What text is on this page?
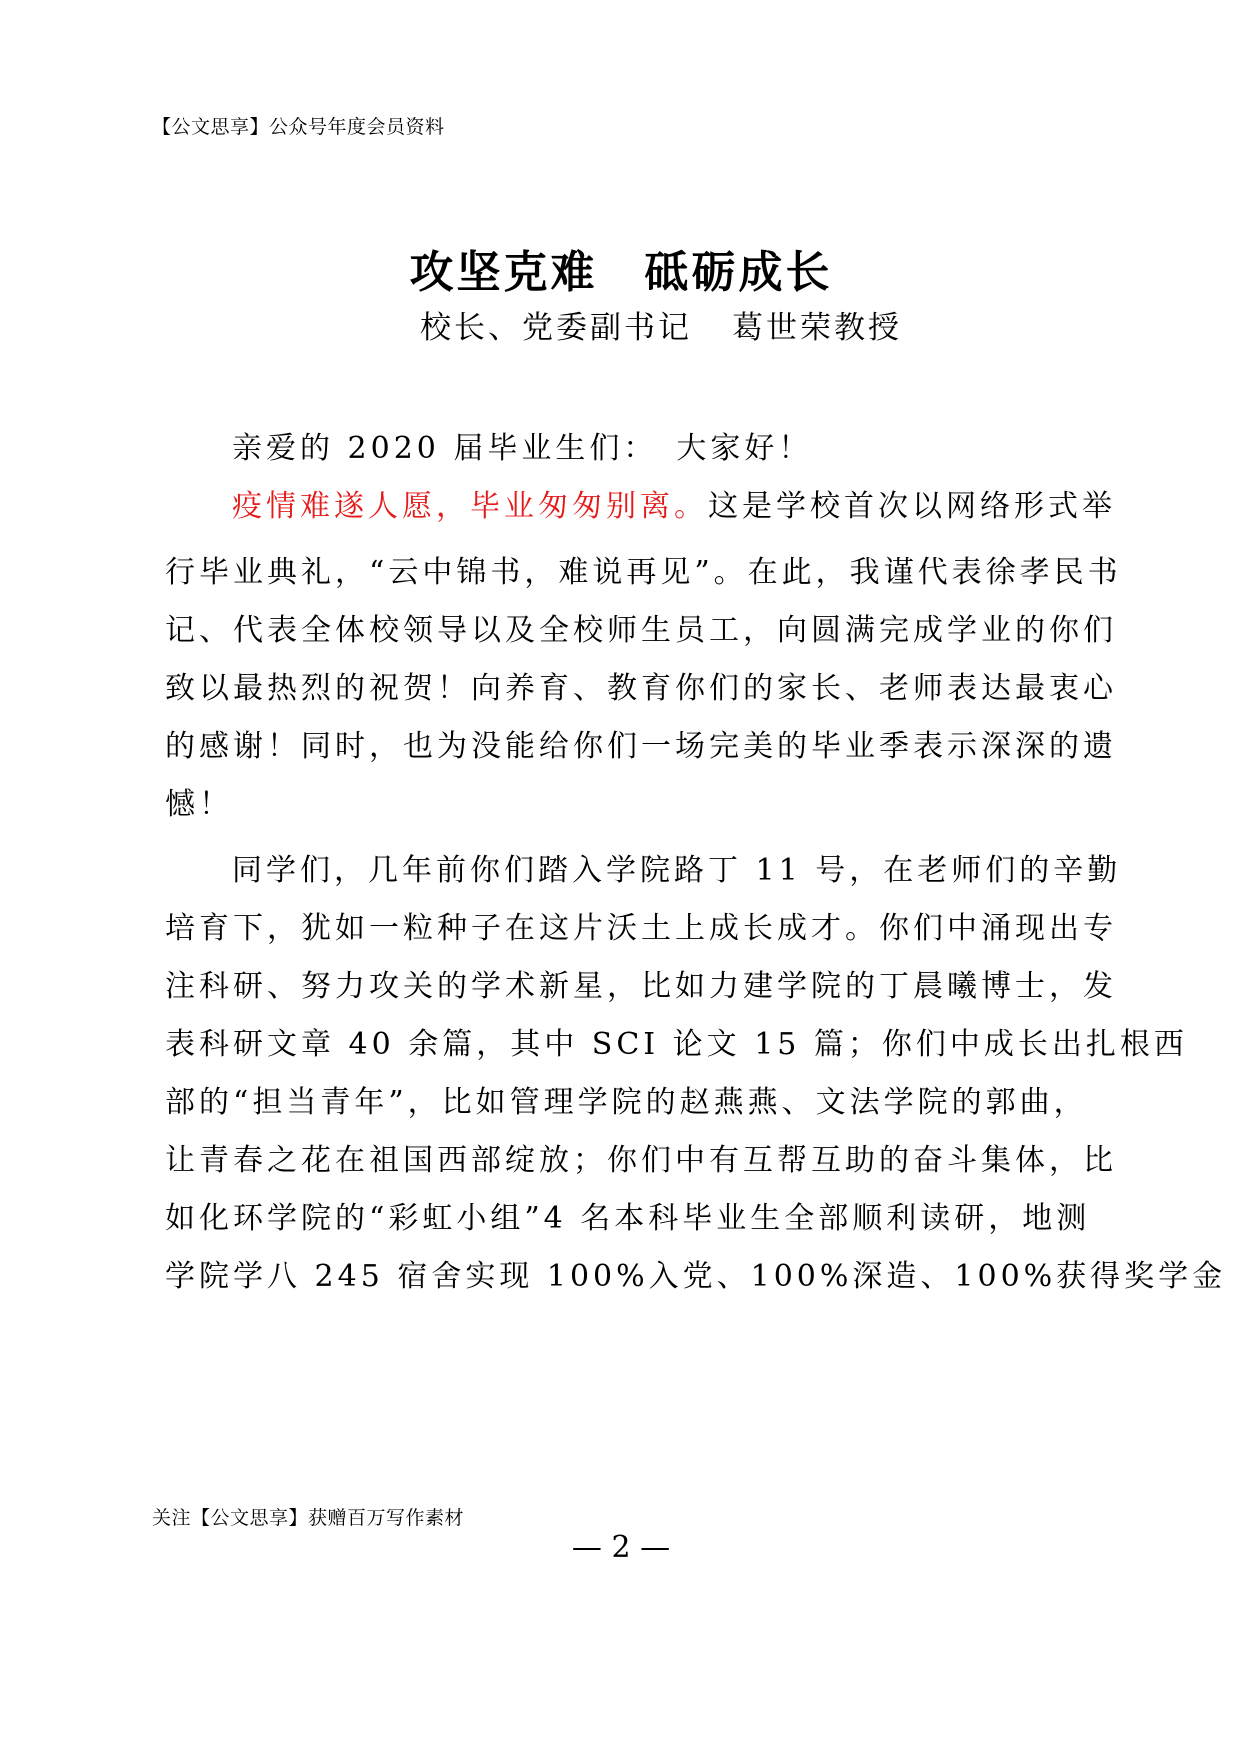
【公文思享】公众号年度会员资料
攻坚克难　砥砺成长
校长、党委副书记 葛世荣教授
亲爱的 2020 届毕业生们：　大家好！
疫情难遂人愿，毕业匆匆别离。这是学校首次以网络形式举
行毕业典礼，“云中锦书，难说再见”。在此，我谨代表徐孝民书
记、代表全体校领导以及全校师生员工，向圆满完成学业的你们
致以最热烈的祝贺！向养育、教育你们的家长、老师表达最衷心
的感谢！同时，也为没能给你们一场完美的毕业季表示深深的遗
憾！
同学们，几年前你们踏入学院路丁 11 号，在老师们的辛勤
培育下，犹如一粒种子在这片沃土上成长成才。你们中涌现出专
注科研、努力攻关的学术新星，比如力建学院的丁晨曦博士，发
表科研文章 40 余篇，其中 SCI 论文 15 篇；你们中成长出扎根西
部的“担当青年”，比如管理学院的赵燕燕、文法学院的郭曲，
让青春之花在祖国西部绽放；你们中有互帮互助的奋斗集体，比
如化环学院的“彩虹小组”4 名本科毕业生全部顺利读研，地测
学院学八 245 宿舍实现 100%入党、100%深造、100%获得奖学金
关注【公文思享】获赠百万写作素材
— 2 —
